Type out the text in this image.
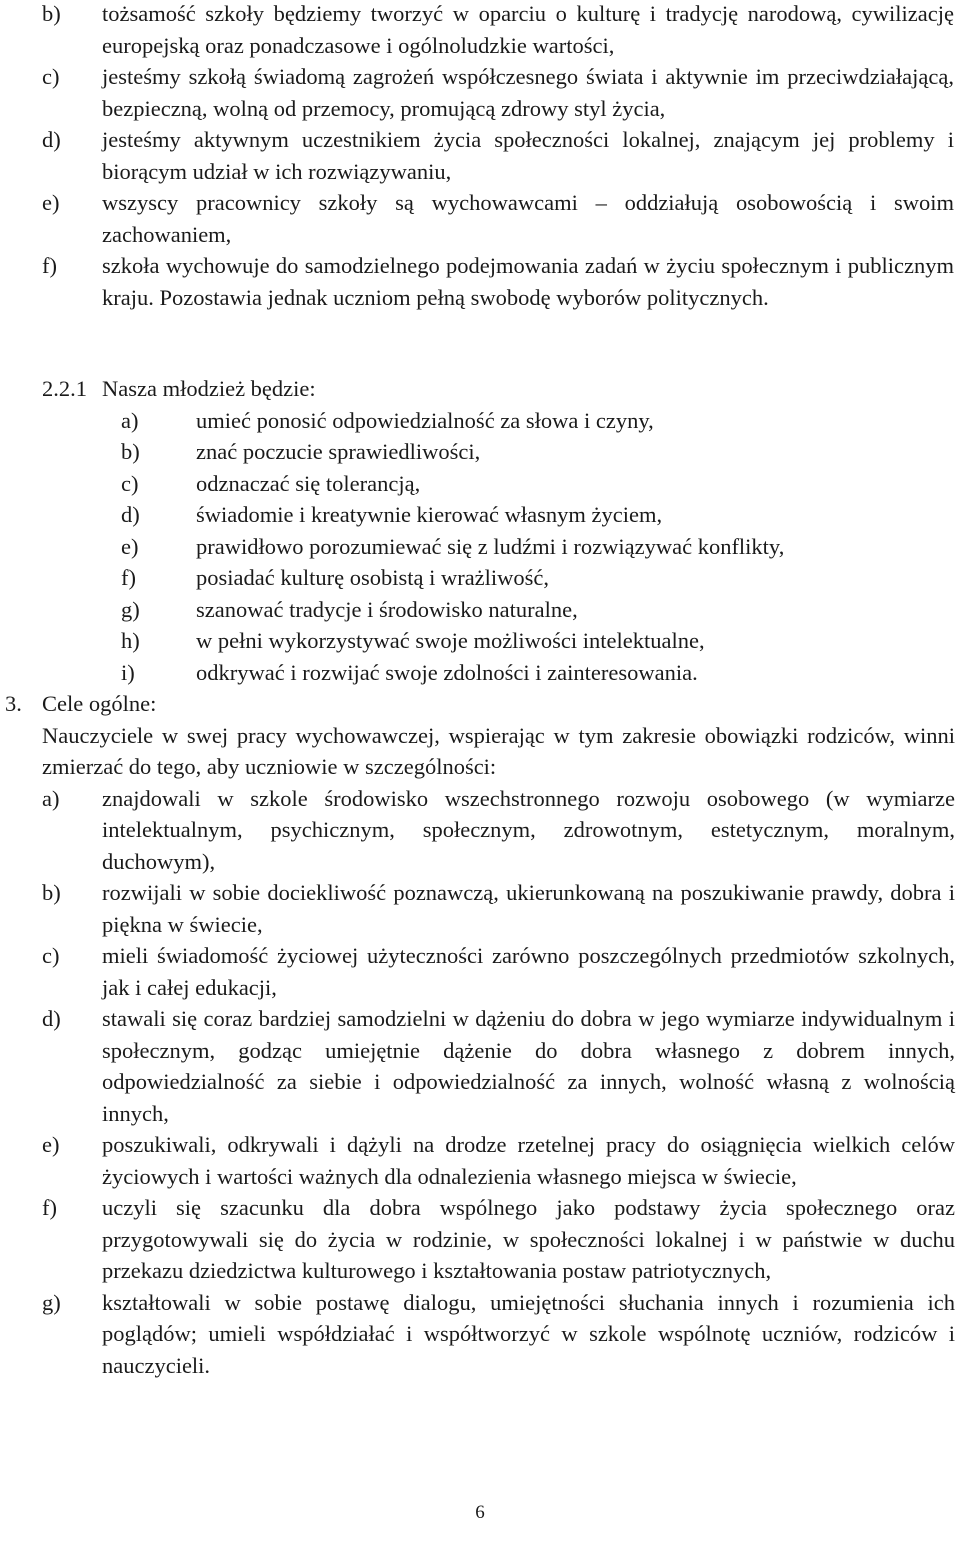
b)	tożsamość szkoły będziemy tworzyć w oparciu o kulturę i tradycję narodową, cywilizację europejską oraz ponadczasowe i ogólnoludzkie wartości,
c)	jesteśmy szkołą świadomą zagrożeń współczesnego świata i aktywnie im przeciwdziałającą, bezpieczną, wolną od przemocy, promującą zdrowy styl życia,
d)	jesteśmy aktywnym uczestnikiem życia społeczności lokalnej, znającym jej problemy i biorącym udział w ich rozwiązywaniu,
e)	wszyscy pracownicy szkoły są wychowawcami – oddziałują osobowością i swoim zachowaniem,
f)	szkoła wychowuje do samodzielnego podejmowania zadań w życiu społecznym i publicznym kraju. Pozostawia jednak uczniom pełną swobodę wyborów politycznych.
2.2.1 Nasza młodzież będzie:
a)	umieć ponosić odpowiedzialność za słowa i czyny,
b)	znać poczucie sprawiedliwości,
c)	odznaczać się tolerancją,
d)	świadomie i kreatywnie kierować własnym życiem,
e)	prawidłowo porozumiewać się z ludźmi i rozwiązywać konflikty,
f)	posiadać kulturę osobistą i wrażliwość,
g)	szanować tradycje i środowisko naturalne,
h)	w pełni wykorzystywać swoje możliwości intelektualne,
i)	odkrywać i rozwijać swoje zdolności i zainteresowania.
3. Cele ogólne:
Nauczyciele w swej pracy wychowawczej, wspierając w tym zakresie obowiązki rodziców, winni zmierzać do tego, aby uczniowie w szczególności:
a)	znajdowali w szkole środowisko wszechstronnego rozwoju osobowego (w wymiarze intelektualnym, psychicznym, społecznym, zdrowotnym, estetycznym, moralnym, duchowym),
b)	rozwijali w sobie dociekliwość poznawczą, ukierunkowaną na poszukiwanie prawdy, dobra i piękna w świecie,
c)	mieli świadomość życiowej użyteczności zarówno poszczególnych przedmiotów szkolnych, jak i całej edukacji,
d)	stawali się coraz bardziej samodzielni w dążeniu do dobra w jego wymiarze indywidualnym i społecznym, godząc umiejętnie dążenie do dobra własnego z dobrem innych, odpowiedzialność za siebie i odpowiedzialność za innych, wolność własną z wolnością innych,
e)	poszukiwali, odkrywali i dążyli na drodze rzetelnej pracy do osiągnięcia wielkich celów życiowych i wartości ważnych dla odnalezienia własnego miejsca w świecie,
f)	uczyli się szacunku dla dobra wspólnego jako podstawy życia społecznego oraz przygotowywali się do życia w rodzinie, w społeczności lokalnej i w państwie w duchu przekazu dziedzictwa kulturowego i kształtowania postaw patriotycznych,
g)	kształtowali w sobie postawę dialogu, umiejętności słuchania innych i rozumienia ich poglądów; umieli współdziałać i współtworzyć w szkole wspólnotę uczniów, rodziców i nauczycieli.
6
